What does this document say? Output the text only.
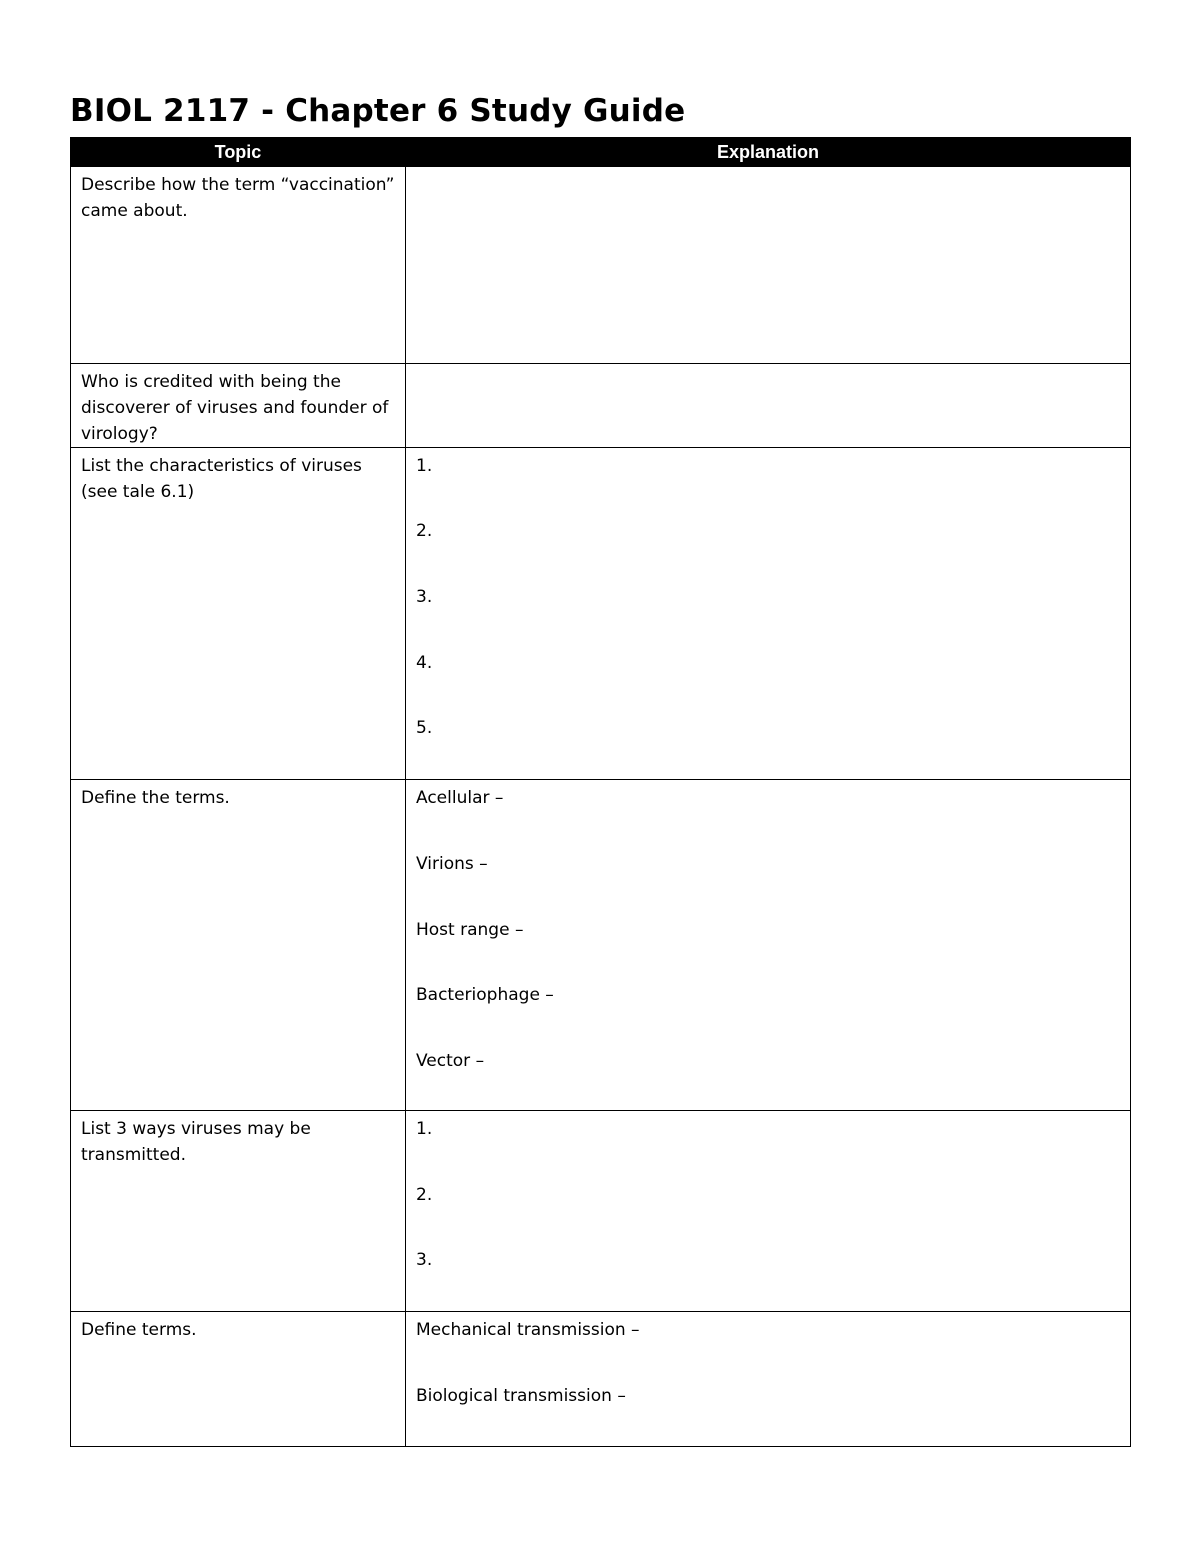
BIOL 2117 - Chapter 6 Study Guide
Topic	Explanation
Describe how the term “vaccination” came about.	
Who is credited with being the discoverer of viruses and founder of virology?	
List the characteristics of viruses (see tale 6.1)	1.
2.
3.
4.
5.

Define the terms.	Acellular –
Virions –
Host range –
Bacteriophage –
Vector –

List 3 ways viruses may be transmitted.	1.
2.
3.

Define terms.	Mechanical transmission –
Biological transmission –
